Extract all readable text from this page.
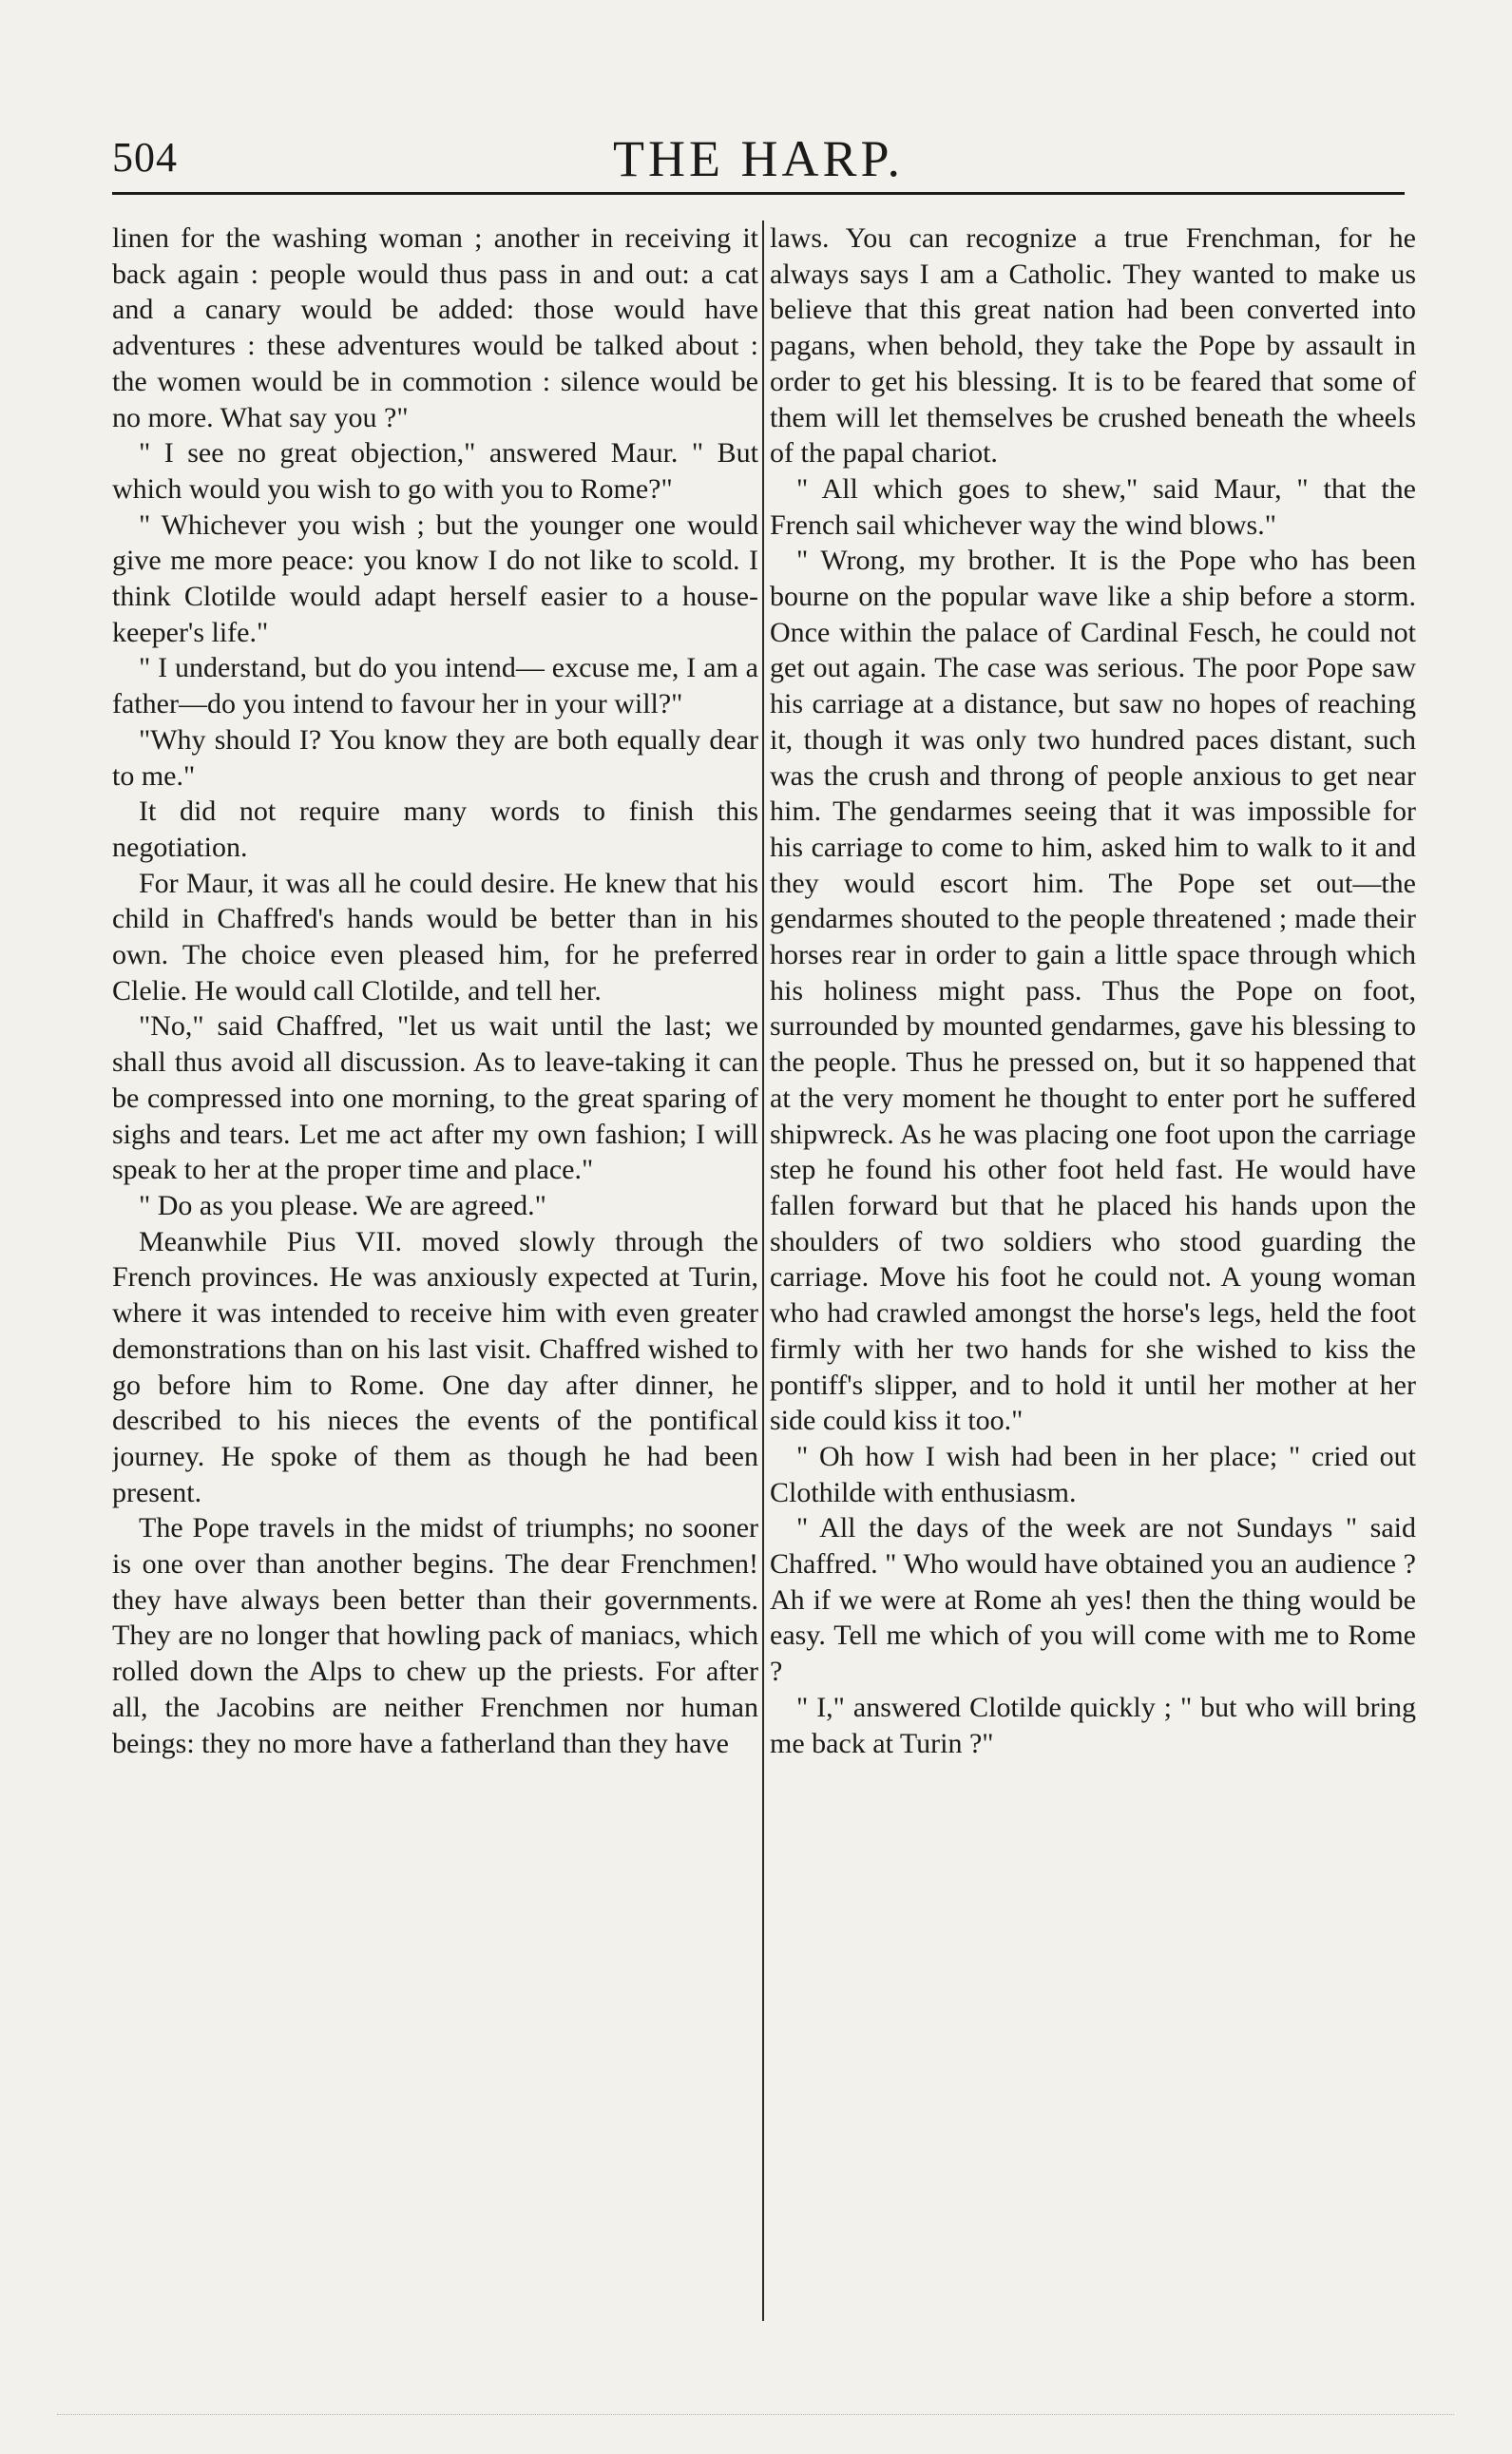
504	THE HARP.

linen for the washing woman ; another in receiving it back again : people would thus pass in and out: a cat and a canary would be added: those would have adventures : these adventures would be talked about : the women would be in commotion : silence would be no more. What say you ?"

" I see no great objection," answered Maur. " But which would you wish to go with you to Rome?"

" Whichever you wish ; but the younger one would give me more peace: you know I do not like to scold. I think Clotilde would adapt herself easier to a house-keeper's life."

" I understand, but do you intend— excuse me, I am a father—do you intend to favour her in your will?"

"Why should I? You know they are both equally dear to me."

It did not require many words to finish this negotiation.

For Maur, it was all he could desire. He knew that his child in Chaffred's hands would be better than in his own. The choice even pleased him, for he preferred Clelie. He would call Clotilde, and tell her.

"No," said Chaffred, "let us wait until the last; we shall thus avoid all discussion. As to leave-taking it can be compressed into one morning, to the great sparing of sighs and tears. Let me act after my own fashion; I will speak to her at the proper time and place."

" Do as you please. We are agreed."

Meanwhile Pius VII. moved slowly through the French provinces. He was anxiously expected at Turin, where it was intended to receive him with even greater demonstrations than on his last visit. Chaffred wished to go before him to Rome. One day after dinner, he described to his nieces the events of the pontifical journey. He spoke of them as though he had been present.

The Pope travels in the midst of triumphs; no sooner is one over than another begins. The dear Frenchmen! they have always been better than their governments. They are no longer that howling pack of maniacs, which rolled down the Alps to chew up the priests. For after all, the Jacobins are neither Frenchmen nor human beings: they no more have a fatherland than they have

laws. You can recognize a true Frenchman, for he always says I am a Catholic. They wanted to make us believe that this great nation had been converted into pagans, when behold, they take the Pope by assault in order to get his blessing. It is to be feared that some of them will let themselves be crushed beneath the wheels of the papal chariot.

" All which goes to shew," said Maur, " that the French sail whichever way the wind blows."

" Wrong, my brother. It is the Pope who has been bourne on the popular wave like a ship before a storm. Once within the palace of Cardinal Fesch, he could not get out again. The case was serious. The poor Pope saw his carriage at a distance, but saw no hopes of reaching it, though it was only two hundred paces distant, such was the crush and throng of people anxious to get near him. The gendarmes seeing that it was impossible for his carriage to come to him, asked him to walk to it and they would escort him. The Pope set out—the gendarmes shouted to the people threatened ; made their horses rear in order to gain a little space through which his holiness might pass. Thus the Pope on foot, surrounded by mounted gendarmes, gave his blessing to the people. Thus he pressed on, but it so happened that at the very moment he thought to enter port he suffered shipwreck. As he was placing one foot upon the carriage step he found his other foot held fast. He would have fallen forward but that he placed his hands upon the shoulders of two soldiers who stood guarding the carriage. Move his foot he could not. A young woman who had crawled amongst the horse's legs, held the foot firmly with her two hands for she wished to kiss the pontiff's slipper, and to hold it until her mother at her side could kiss it too."

" Oh how I wish had been in her place; " cried out Clothilde with enthusiasm.

" All the days of the week are not Sundays " said Chaffred. " Who would have obtained you an audience ? Ah if we were at Rome ah yes! then the thing would be easy. Tell me which of you will come with me to Rome ?

" I," answered Clotilde quickly ; " but who will bring me back at Turin ?"
